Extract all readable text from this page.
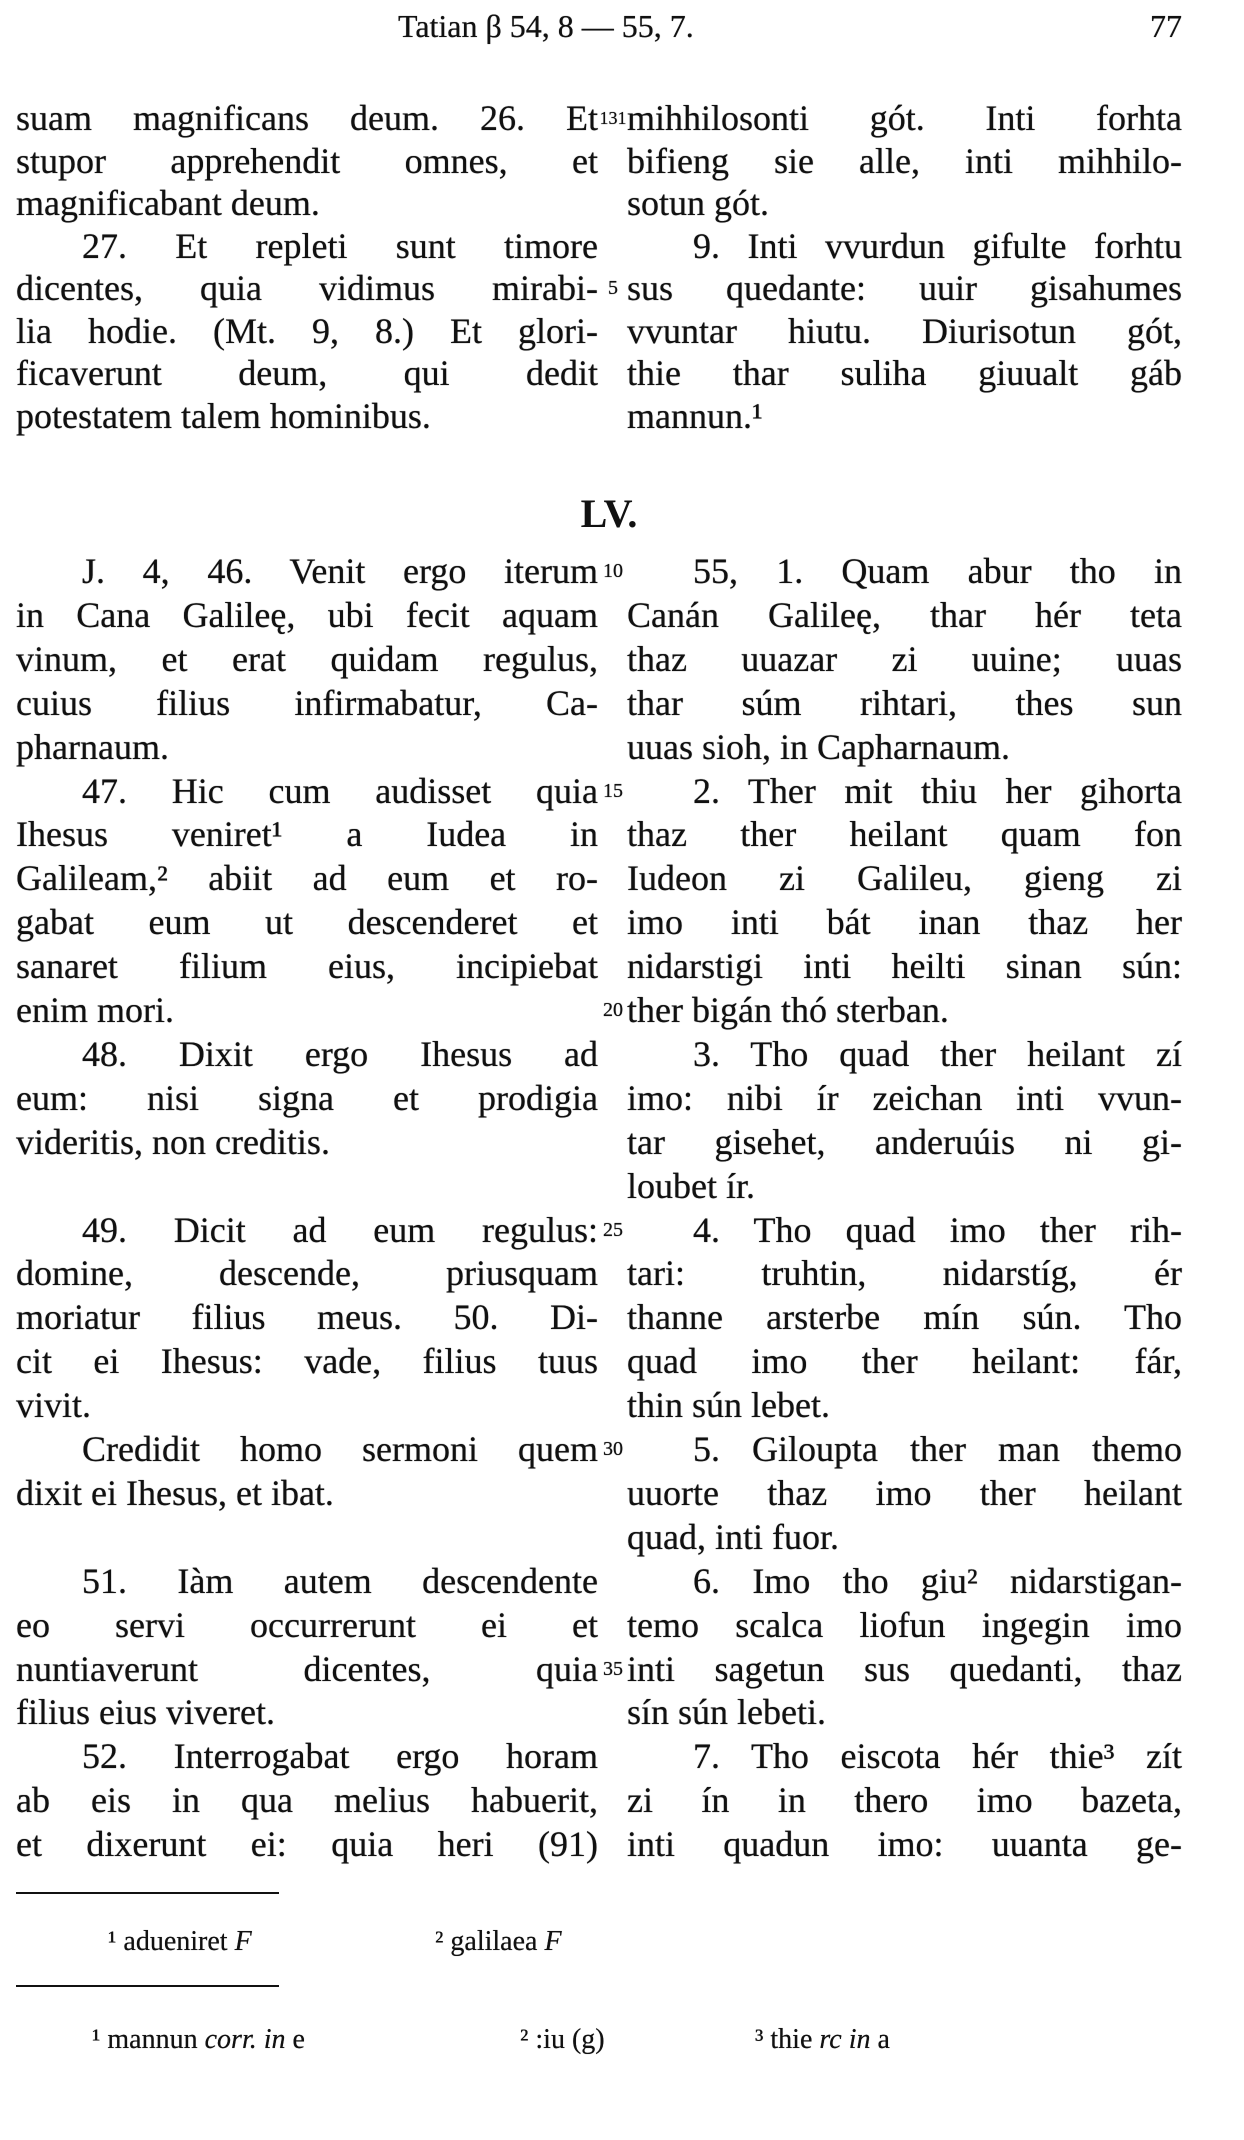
Tatian β 54, 8 — 55, 7.	77
LV.
suam magnificans deum. 26. Et 131 mihhilosonti gót. Inti forhta
stupor apprehendit omnes, et bifieng sie alle, inti mihhilo-
magnificabant deum.	sotun gót.
27. Et repleti sunt timore	9. Inti vvurdun gifulte forhtu
dicentes, quia vidimus mirabi- 5 sus quedante: uuir gisahumes
lia hodie. (Mt. 9, 8.) Et glori- vvuntar hiutu. Diurisotun gót,
ficaverunt deum, qui dedit thie thar suliha giuualt gáb
potestatem talem hominibus.	mannun.¹
J. 4, 46. Venit ergo iterum 10	55, 1. Quam abur tho in
in Cana Galileę, ubi fecit aquam Canán Galileę, thar hér teta
vinum, et erat quidam regulus, thaz uuazar zi uuine; uuas
cuius filius infirmabatur, Ca- thar súm rihtari, thes sun
pharnaum.	uuas sioh, in Capharnaum.
47. Hic cum audisset quia 15	2. Ther mit thiu her gihorta
Ihesus veniret¹ a Iudea in thaz ther heilant quam fon
Galileam,² abiit ad eum et ro- Iudeon zi Galileu, gieng zi
gabat eum ut descenderet et imo inti bát inan thaz her
sanaret filium eius, incipiebat nidarstigi inti heilti sinan sún:
enim mori.	20 ther bigán thó sterban.
48. Dixit ergo Ihesus ad	3. Tho quad ther heilant zí
eum: nisi signa et prodigia imo: nibi ír zeichan inti vvun-
videritis, non creditis.	tar gisehet, anderuúis ni gi-
loubet ír.
49. Dicit ad eum regulus: 25	4. Tho quad imo ther rih-
domine, descende, priusquam tari: truhtin, nidarstíg, ér
moriatur filius meus. 50. Di- thanne arsterbe mín sún. Tho
cit ei Ihesus: vade, filius tuus quad imo ther heilant: fár,
vivit.	thin sún lebet.
Credidit homo sermoni quem 30	5. Giloupta ther man themo
dixit ei Ihesus, et ibat.	uuorte thaz imo ther heilant
quad, inti fuor.
51. Iàm autem descendente	6. Imo tho giu² nidarstigan-
eo servi occurrerunt ei et temo scalca liofun ingegin imo
nuntiaverunt dicentes, quia 35 inti sagetun sus quedanti, thaz
filius eius viveret.	sín sún lebeti.
52. Interrogabat ergo horam	7. Tho eiscota hér thie³ zít
ab eis in qua melius habuerit, zi ín in thero imo bazeta,
et dixerunt ei: quia heri (91) inti quadun imo: uuanta ge-
¹ adueniret F	² galilaea F
¹ mannun corr. in e	² :iu (g)	³ thie rc in a
